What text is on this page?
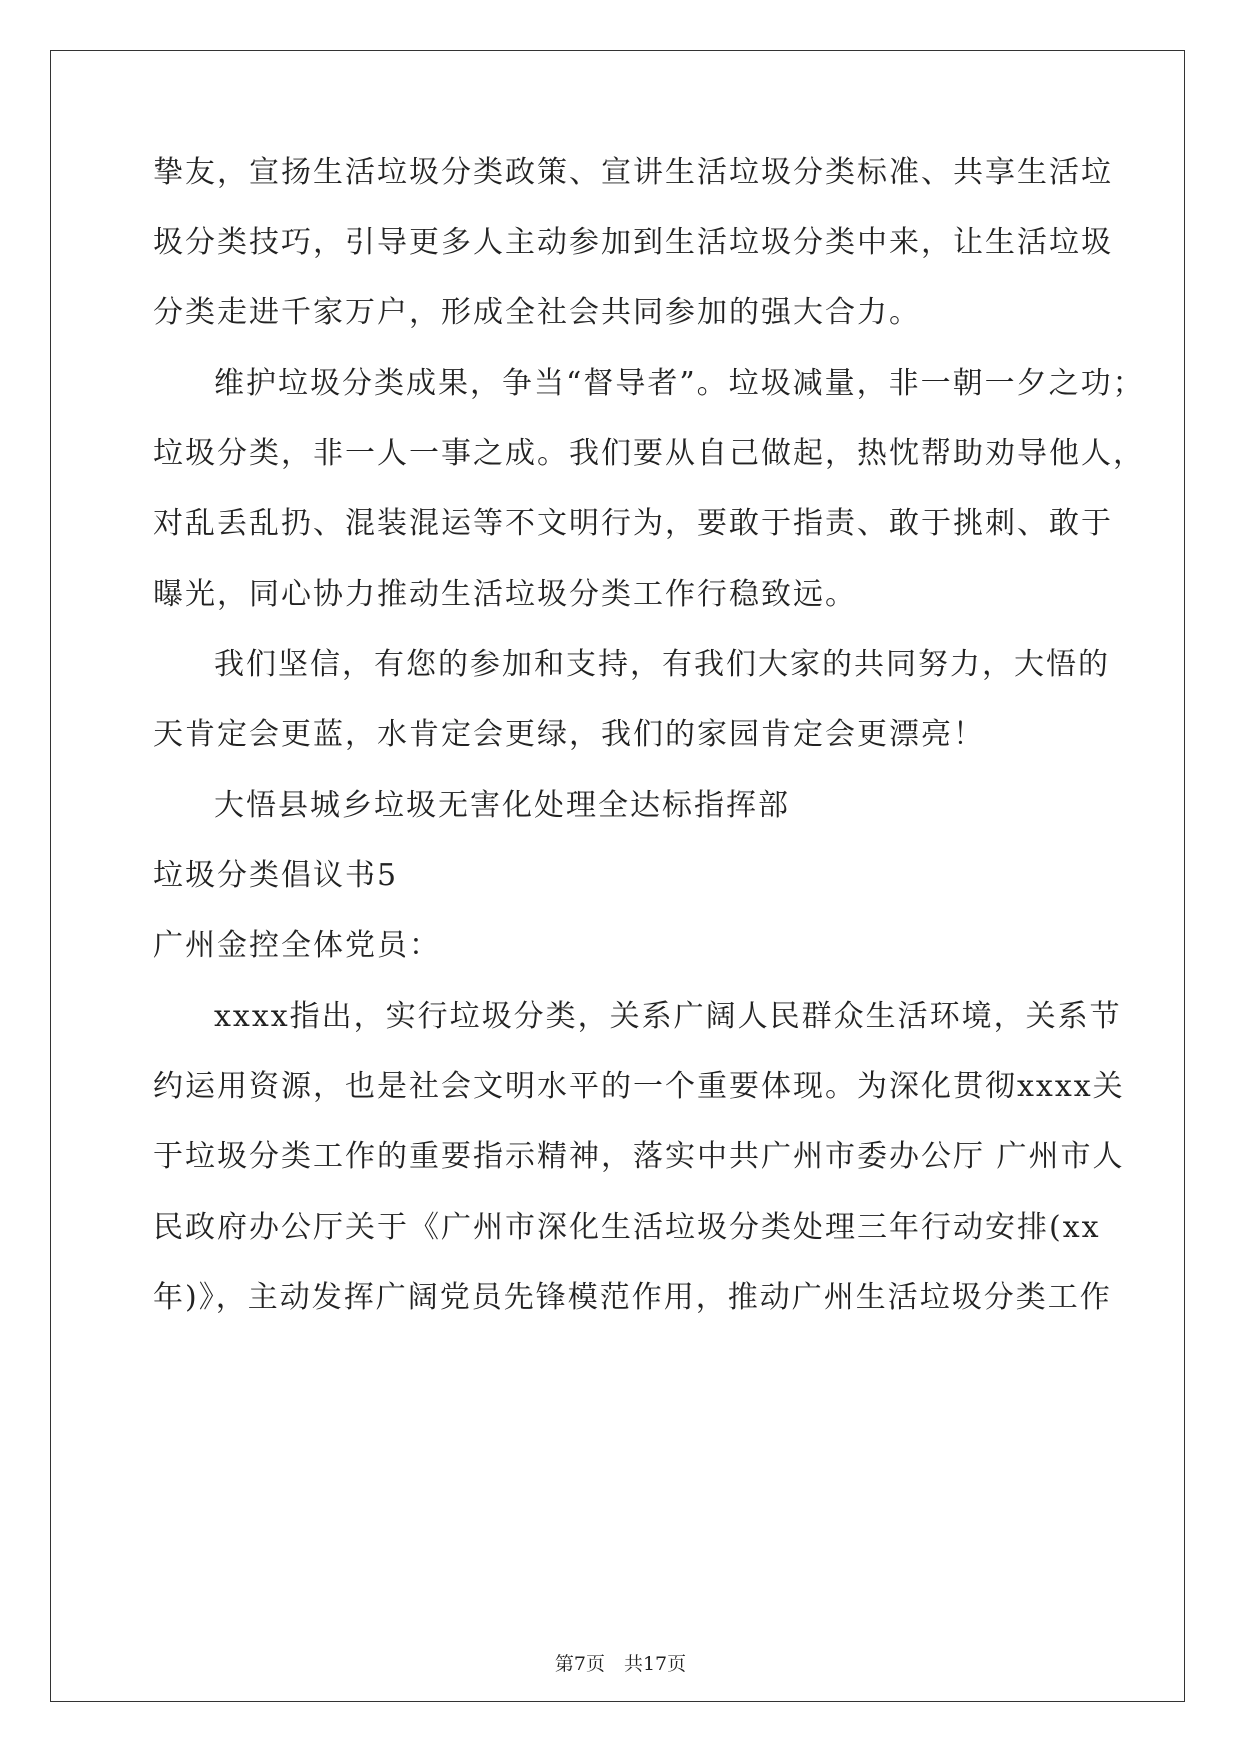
挚友，宣扬生活垃圾分类政策、宣讲生活垃圾分类标准、共享生活垃
圾分类技巧，引导更多人主动参加到生活垃圾分类中来，让生活垃圾
分类走进千家万户，形成全社会共同参加的强大合力。
维护垃圾分类成果，争当“督导者”。垃圾减量，非一朝一夕之功；
垃圾分类，非一人一事之成。我们要从自己做起，热忱帮助劝导他人，
对乱丢乱扔、混装混运等不文明行为，要敢于指责、敢于挑刺、敢于
曝光，同心协力推动生活垃圾分类工作行稳致远。
我们坚信，有您的参加和支持，有我们大家的共同努力，大悟的
天肯定会更蓝，水肯定会更绿，我们的家园肯定会更漂亮！
大悟县城乡垃圾无害化处理全达标指挥部
垃圾分类倡议书5
广州金控全体党员：
xxxx指出，实行垃圾分类，关系广阔人民群众生活环境，关系节
约运用资源，也是社会文明水平的一个重要体现。为深化贯彻xxxx关
于垃圾分类工作的重要指示精神，落实中共广州市委办公厅 广州市人
民政府办公厅关于《广州市深化生活垃圾分类处理三年行动安排(xx
年)》，主动发挥广阔党员先锋模范作用，推动广州生活垃圾分类工作
第7页　共17页
